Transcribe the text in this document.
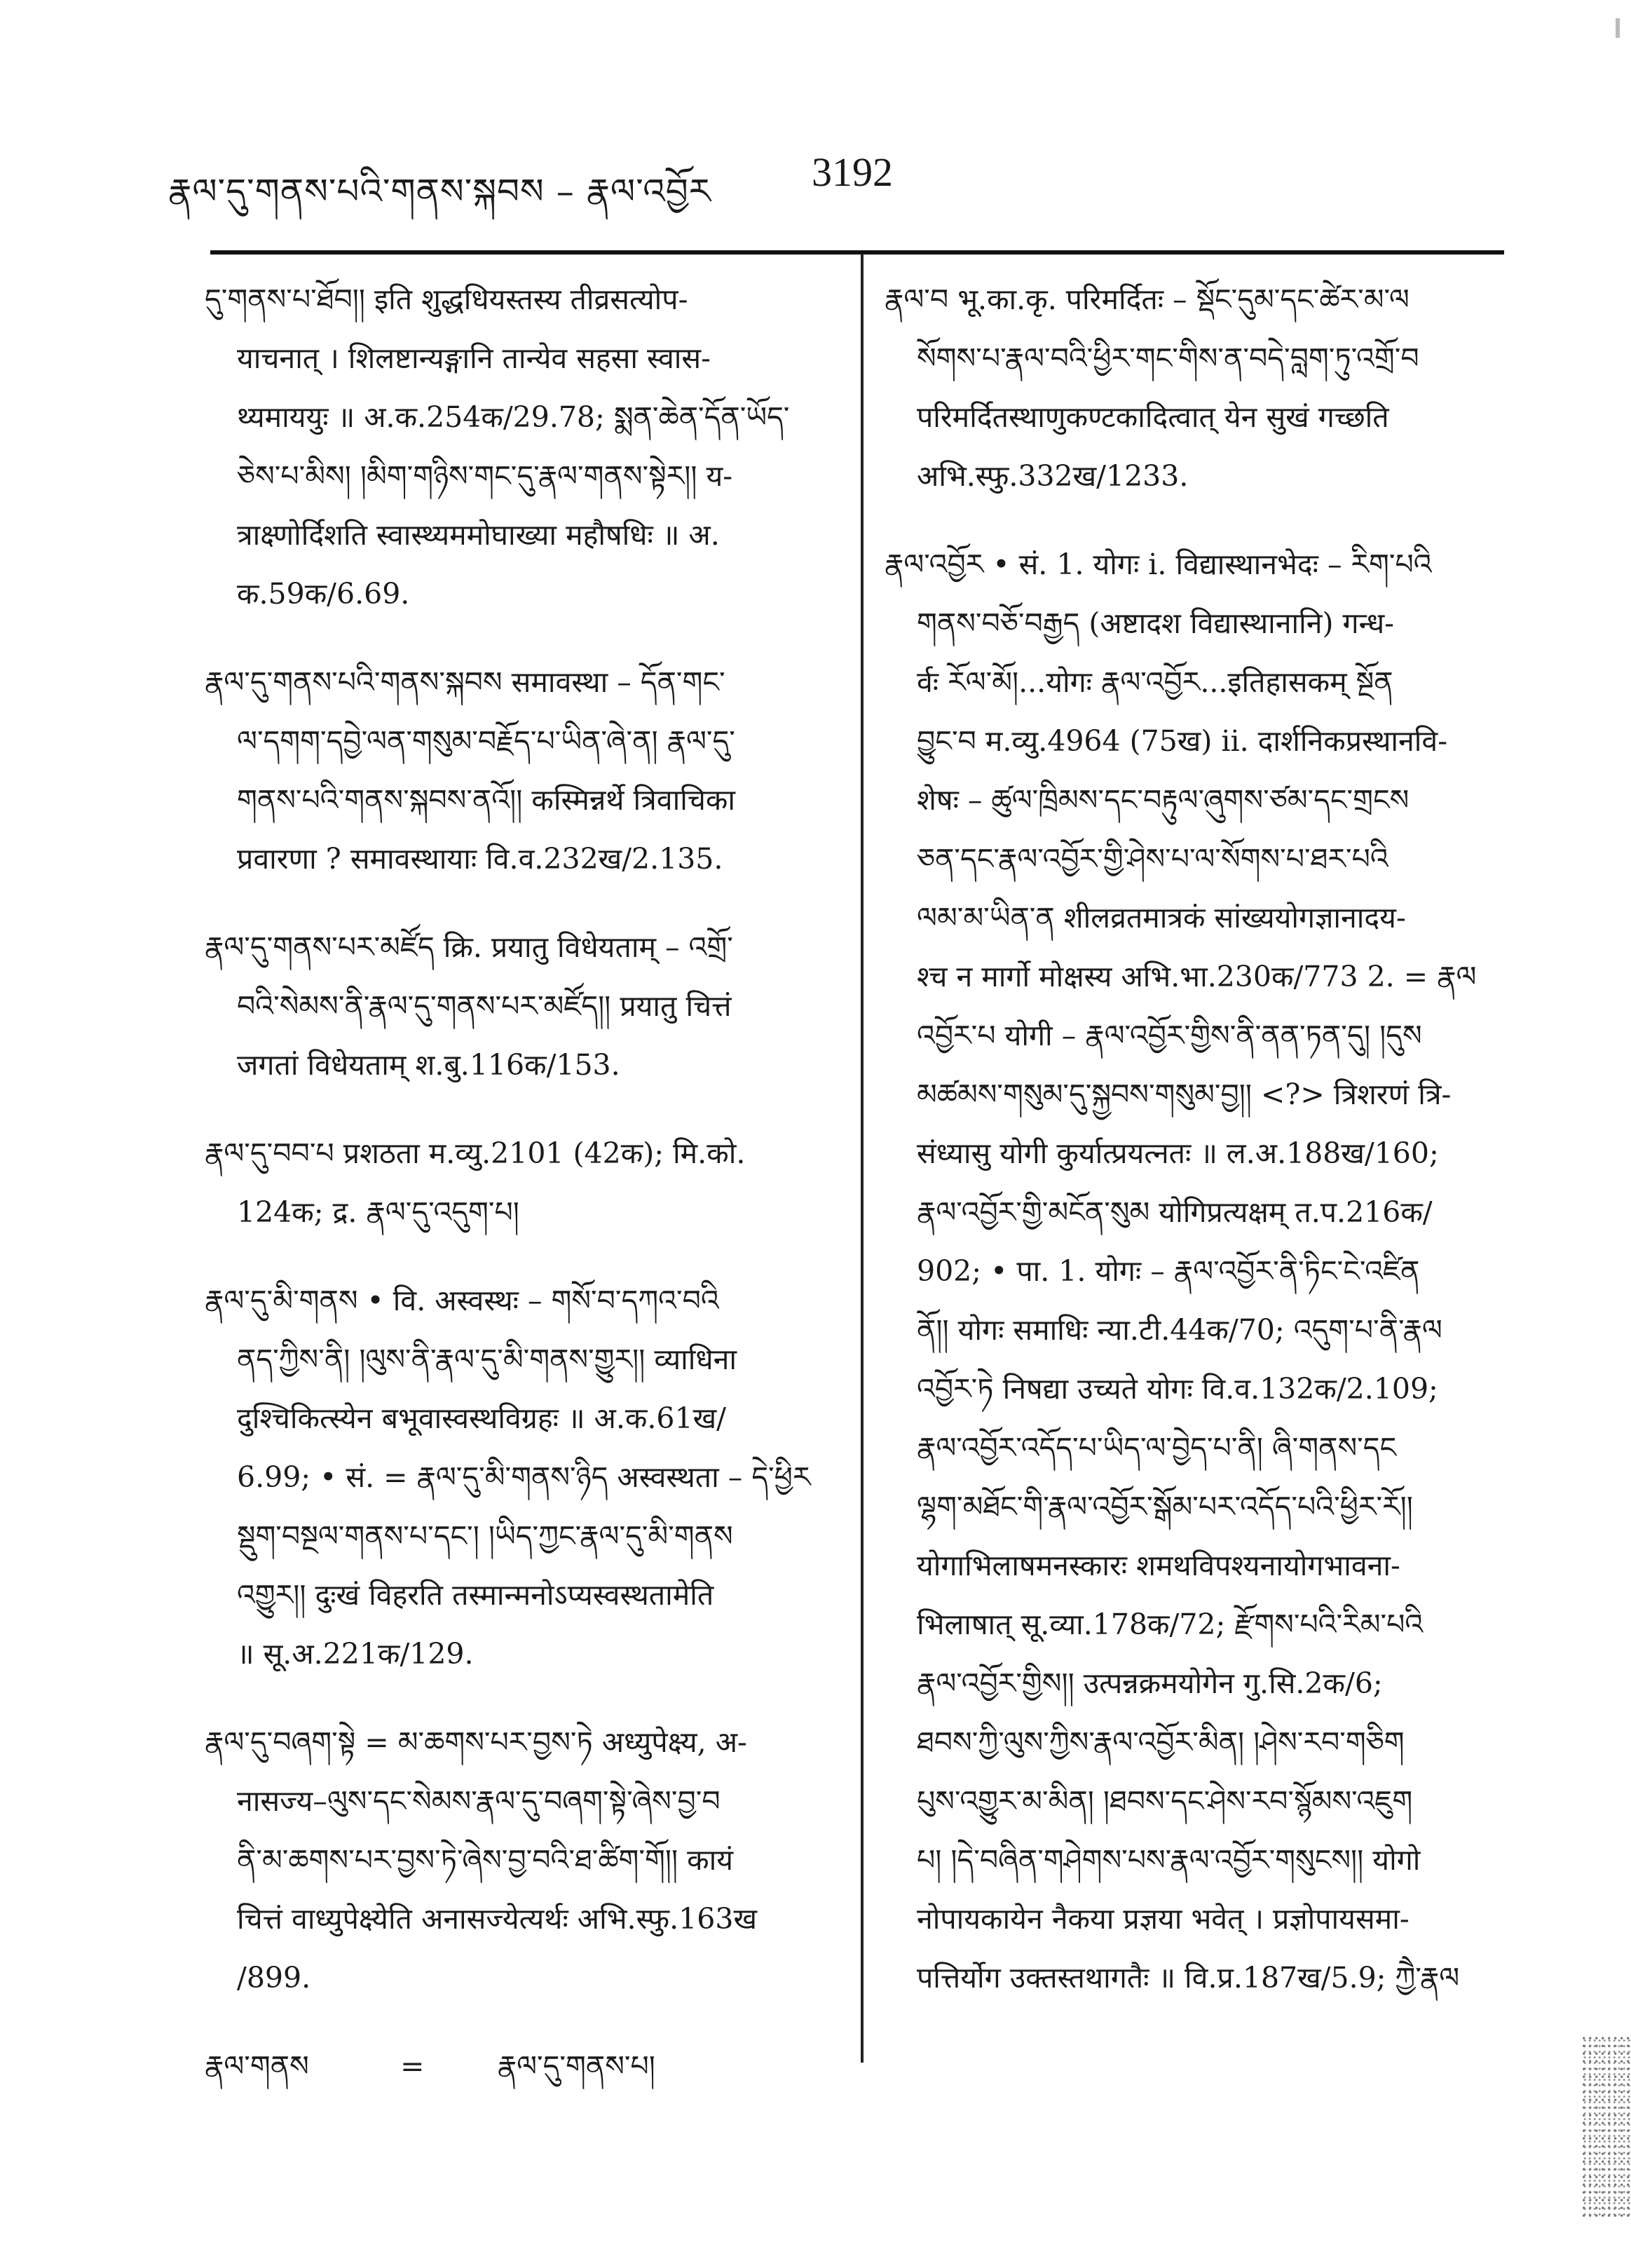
རྣལ་དུ་གནས་པའི་གནས་སྐབས – རྣལ་འབྱོར 3192
དུ་གནས་པ་ཐོབ།། इति शुद्धधियस्तस्य तीव्रसत्योप-
याचनात् । शिलष्टान्यङ्गानि तान्येव सहसा स्वास-
थ्यमाययुः ॥ अ.क.254क/29.78; སྨན་ཆེན་དོན་ཡོད་
ཅེས་པ་མིས། །མིག་གཉིས་གང་དུ་རྣལ་གནས་སྟེར།། य-
त्राक्ष्णोर्दिशति स्वास्थ्यममोघाख्या महौषधिः ॥ अ.
क.59क/6.69.
རྣལ་དུ་གནས་པའི་གནས་སྐབས समावस्था – དོན་གང་
ལ་དགག་དབྱེ་ལན་གསུམ་བརྗོད་པ་ཡིན་ཞེ་ན། རྣལ་དུ་
གནས་པའི་གནས་སྐབས་ནའོ།། कस्मिन्नर्थे त्रिवाचिका
प्रवारणा ? समावस्थायाः वि.व.232ख/2.135.
རྣལ་དུ་གནས་པར་མཛོད क्रि. प्रयातु विधेयताम् – འགྲོ་
བའི་སེམས་ནི་རྣལ་དུ་གནས་པར་མཛོད།། प्रयातु चित्तं
जगतां विधेयताम् श.बु.116क/153.
རྣལ་དུ་བབ་པ प्रशठता म.व्यु.2101 (42क); मि.को.
124क; द्र. རྣལ་དུ་འདུག་པ།
རྣལ་དུ་མི་གནས • वि. अस्वस्थः – གསོ་བ་དཀའ་བའི
ནད་ཀྱིས་ནི། །ལུས་ནི་རྣལ་དུ་མི་གནས་གྱུར།། व्याधिना
दुश्चिकित्स्येन बभूवास्वस्थविग्रहः ॥ अ.क.61ख/
6.99; • सं. = རྣལ་དུ་མི་གནས་ཉིད अस्वस्थता – དེ་ཕྱིར
སྡུག་བསྔལ་གནས་པ་དང་། །ཡིད་ཀྱང་རྣལ་དུ་མི་གནས
འགྱུར།། दुःखं विहरति तस्मान्मनोऽप्यस्वस्थतामेति
॥ सू.अ.221क/129.
རྣལ་དུ་བཞག་སྟེ = མ་ཆགས་པར་བྱས་ཏེ अध्युपेक्ष्य, अ-
नासज्य–ལུས་དང་སེམས་རྣལ་དུ་བཞག་སྟེ་ཞེས་བྱ་བ
ནི་མ་ཆགས་པར་བྱས་ཏེ་ཞེས་བྱ་བའི་ཐ་ཚིག་གོ།། कायं
चित्तं वाध्युपेक्ष्येति अनासज्येत्यर्थः अभि.स्फु.163ख
/899.
རྣལ་གནས          =        རྣལ་དུ་གནས་པ།
རྣལ་བ भू.का.कृ. परिमर्दितः – སྡོང་དུམ་དང་ཚེར་མ་ལ
སོགས་པ་རྣལ་བའི་ཕྱིར་གང་གིས་ན་བདེ་བླག་ཏུ་འགྲོ་བ
परिमर्दितस्थाणुकण्टकादित्वात् येन सुखं गच्छति
अभि.स्फु.332ख/1233.
རྣལ་འབྱོར • सं. 1. योगः i. विद्यास्थानभेदः – རིག་པའི
གནས་བཅོ་བརྒྱད (अष्टादश विद्यास्थानानि) गन्ध-
र्वः རོལ་མོ།...योगः རྣལ་འབྱོར...इतिहासकम् སྔོན
བྱུང་བ म.व्यु.4964 (75ख) ii. दार्शनिकप्रस्थानवि-
शेषः – ཚུལ་ཁྲིམས་དང་བརྟུལ་ཞུགས་ཙམ་དང་གྲངས
ཅན་དང་རྣལ་འབྱོར་གྱི་ཤེས་པ་ལ་སོགས་པ་ཐར་པའི
ལམ་མ་ཡིན་ན शीलव्रतमात्रकं सांख्ययोगज्ञानादय-
श्च न मार्गो मोक्षस्य अभि.भा.230क/773 2. = རྣལ
འབྱོར་པ योगी – རྣལ་འབྱོར་གྱིས་ནི་ནན་ཏན་དུ། །དུས
མཚམས་གསུམ་དུ་སྐྱབས་གསུམ་བྱ།། <?> त्रिशरणं त्रि-
संध्यासु योगी कुर्यात्प्रयत्नतः ॥ ल.अ.188ख/160;
རྣལ་འབྱོར་གྱི་མངོན་སུམ योगिप्रत्यक्षम् त.प.216क/
902; • पा. 1. योगः – རྣལ་འབྱོར་ནི་ཏིང་ངེ་འཛིན
ནོ།། योगः समाधिः न्या.टी.44क/70; འདུག་པ་ནི་རྣལ
འབྱོར་ཏེ निषद्या उच्यते योगः वि.व.132क/2.109;
རྣལ་འབྱོར་འདོད་པ་ཡིད་ལ་བྱེད་པ་ནི། ཞི་གནས་དང
ལྷག་མཐོང་གི་རྣལ་འབྱོར་སྒོམ་པར་འདོད་པའི་ཕྱིར་རོ།།
योगाभिलाषमनस्कारः शमथविपश्यनायोगभावना-
भिलाषात् सू.व्या.178क/72; རྫོགས་པའི་རིམ་པའི
རྣལ་འབྱོར་གྱིས།། उत्पन्नक्रमयोगेन गु.सि.2क/6;
ཐབས་ཀྱི་ལུས་ཀྱིས་རྣལ་འབྱོར་མིན། །ཤེས་རབ་གཅིག
པུས་འགྱུར་མ་མིན། །ཐབས་དང་ཤེས་རབ་སྙོམས་འཇུག
པ། །དེ་བཞིན་གཤེགས་པས་རྣལ་འབྱོར་གསུངས།། योगो
नोपायकायेन नैकया प्रज्ञया भवेत् । प्रज्ञोपायसमा-
पत्तिर्योग उक्तस्तथागतैः ॥ वि.प्र.187ख/5.9; ཀྱཻ་རྣལ
